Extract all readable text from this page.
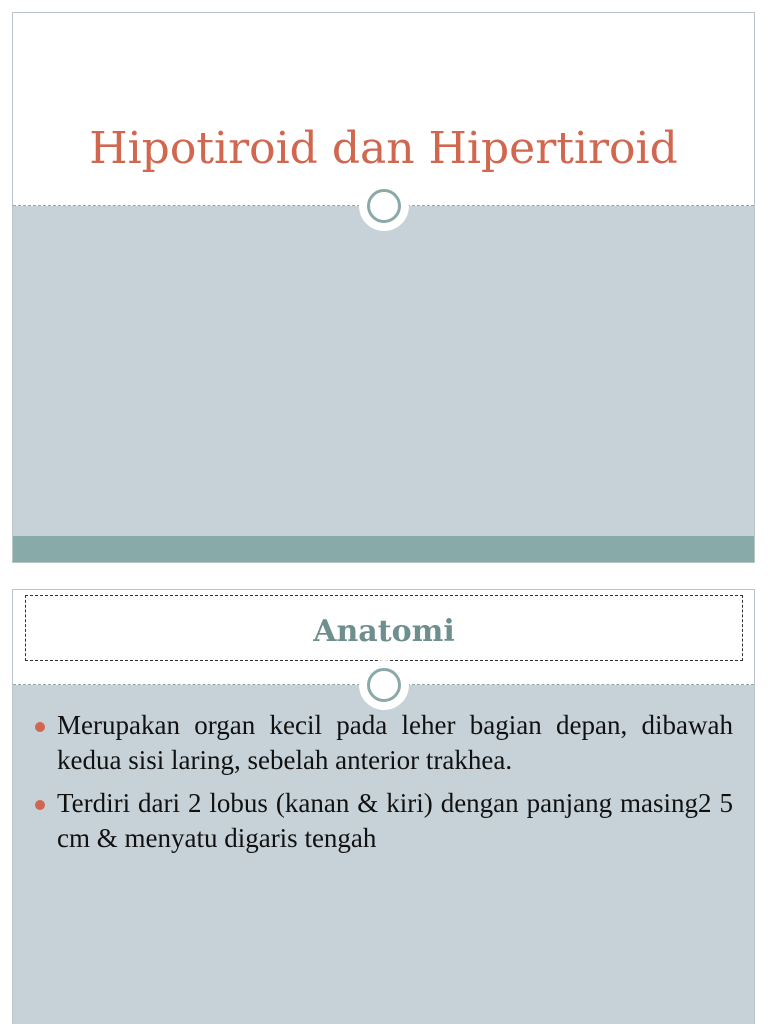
Hipotiroid dan Hipertiroid
Anatomi
Merupakan organ kecil pada leher bagian depan, dibawah kedua sisi laring, sebelah anterior trakhea.
Terdiri dari 2 lobus (kanan & kiri) dengan panjang masing2 5 cm & menyatu digaris tengah
